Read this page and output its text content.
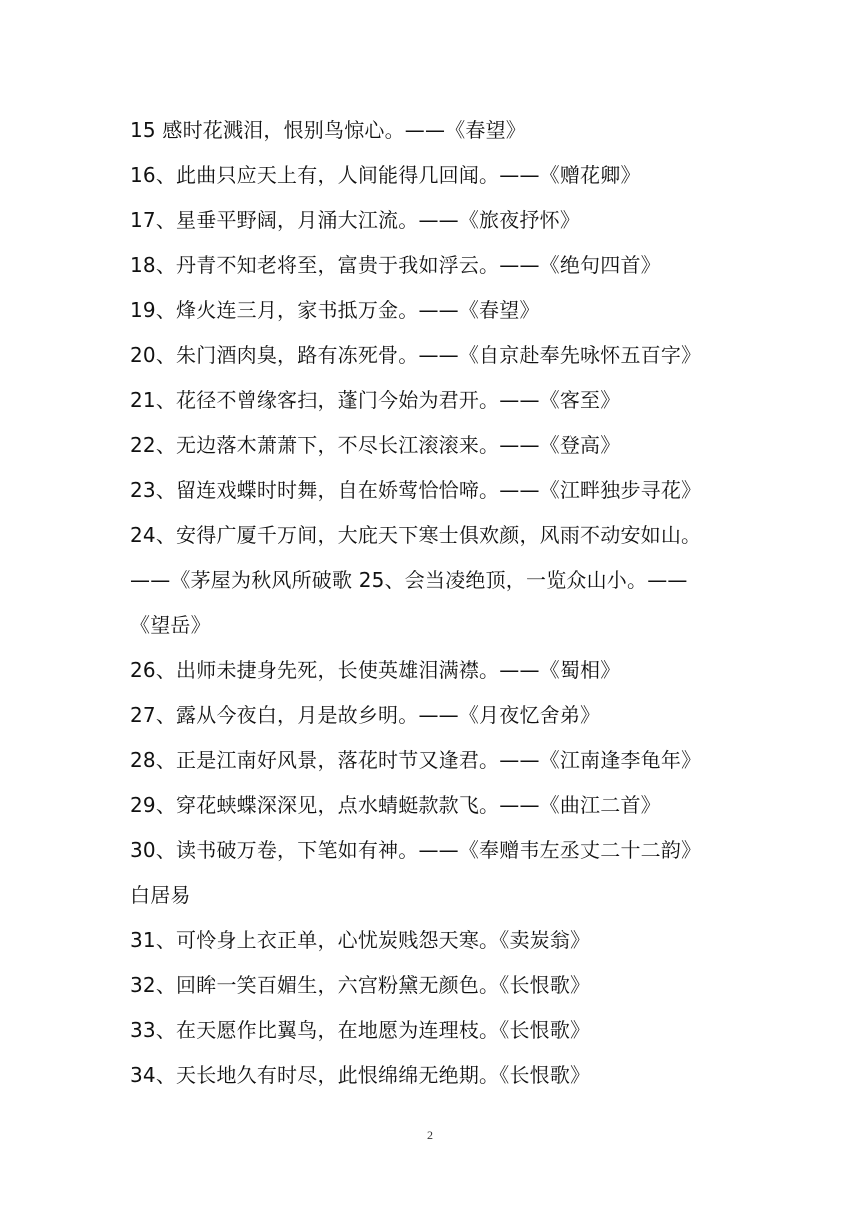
15 感时花溅泪，恨别鸟惊心。——《春望》
16、此曲只应天上有，人间能得几回闻。——《赠花卿》
17、星垂平野阔，月涌大江流。——《旅夜抒怀》
18、丹青不知老将至，富贵于我如浮云。——《绝句四首》
19、烽火连三月，家书抵万金。——《春望》
20、朱门酒肉臭，路有冻死骨。——《自京赴奉先咏怀五百字》
21、花径不曾缘客扫，蓬门今始为君开。——《客至》
22、无边落木萧萧下，不尽长江滚滚来。——《登高》
23、留连戏蝶时时舞，自在娇莺恰恰啼。——《江畔独步寻花》
24、安得广厦千万间，大庇天下寒士俱欢颜，风雨不动安如山。
——《茅屋为秋风所破歌 25、会当凌绝顶，一览众山小。——
《望岳》
26、出师未捷身先死，长使英雄泪满襟。——《蜀相》
27、露从今夜白，月是故乡明。——《月夜忆舍弟》
28、正是江南好风景，落花时节又逢君。——《江南逢李龟年》
29、穿花蛱蝶深深见，点水蜻蜓款款飞。——《曲江二首》
30、读书破万卷，下笔如有神。——《奉赠韦左丞丈二十二韵》
白居易
31、可怜身上衣正单，心忧炭贱怨天寒。《卖炭翁》
32、回眸一笑百媚生，六宫粉黛无颜色。《长恨歌》
33、在天愿作比翼鸟，在地愿为连理枝。《长恨歌》
34、天长地久有时尽，此恨绵绵无绝期。《长恨歌》
2
